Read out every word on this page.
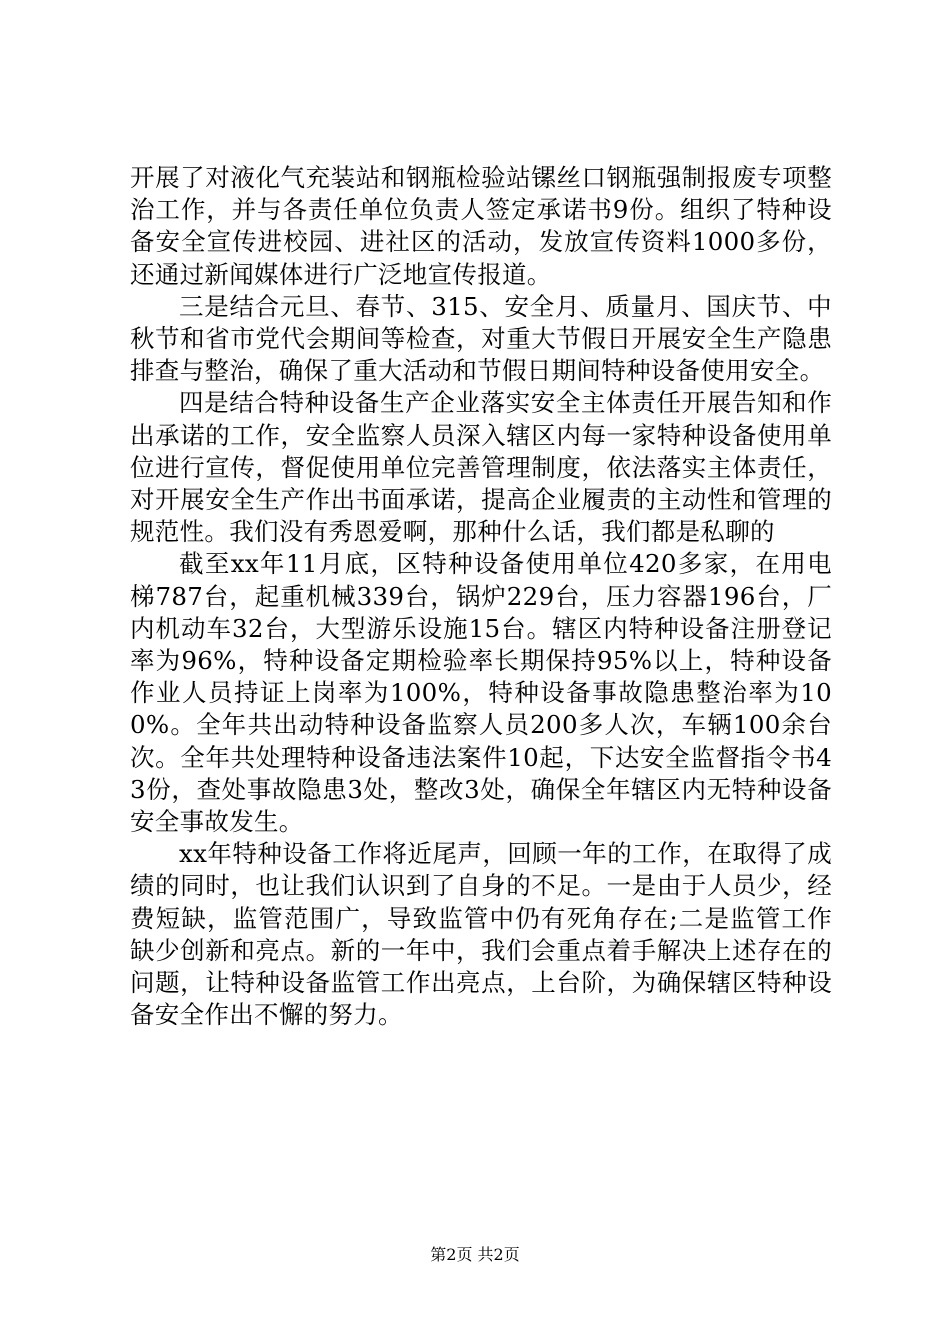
开展了对液化气充装站和钢瓶检验站镙丝口钢瓶强制报废专项整治工作，并与各责任单位负责人签定承诺书9份。组织了特种设备安全宣传进校园、进社区的活动，发放宣传资料1000多份，还通过新闻媒体进行广泛地宣传报道。

三是结合元旦、春节、315、安全月、质量月、国庆节、中秋节和省市党代会期间等检查，对重大节假日开展安全生产隐患排查与整治，确保了重大活动和节假日期间特种设备使用安全。

四是结合特种设备生产企业落实安全主体责任开展告知和作出承诺的工作，安全监察人员深入辖区内每一家特种设备使用单位进行宣传，督促使用单位完善管理制度，依法落实主体责任，对开展安全生产作出书面承诺，提高企业履责的主动性和管理的规范性。我们没有秀恩爱啊，那种什么话，我们都是私聊的

截至xx年11月底，区特种设备使用单位420多家，在用电梯787台，起重机械339台，锅炉229台，压力容器196台，厂内机动车32台，大型游乐设施15台。辖区内特种设备注册登记率为96%，特种设备定期检验率长期保持95%以上，特种设备作业人员持证上岗率为100%，特种设备事故隐患整治率为100%。全年共出动特种设备监察人员200多人次，车辆100余台次。全年共处理特种设备违法案件10起，下达安全监督指令书43份，查处事故隐患3处，整改3处，确保全年辖区内无特种设备安全事故发生。

xx年特种设备工作将近尾声，回顾一年的工作，在取得了成绩的同时，也让我们认识到了自身的不足。一是由于人员少，经费短缺，监管范围广，导致监管中仍有死角存在;二是监管工作缺少创新和亮点。新的一年中，我们会重点着手解决上述存在的问题，让特种设备监管工作出亮点，上台阶，为确保辖区特种设备安全作出不懈的努力。

第2页 共2页
